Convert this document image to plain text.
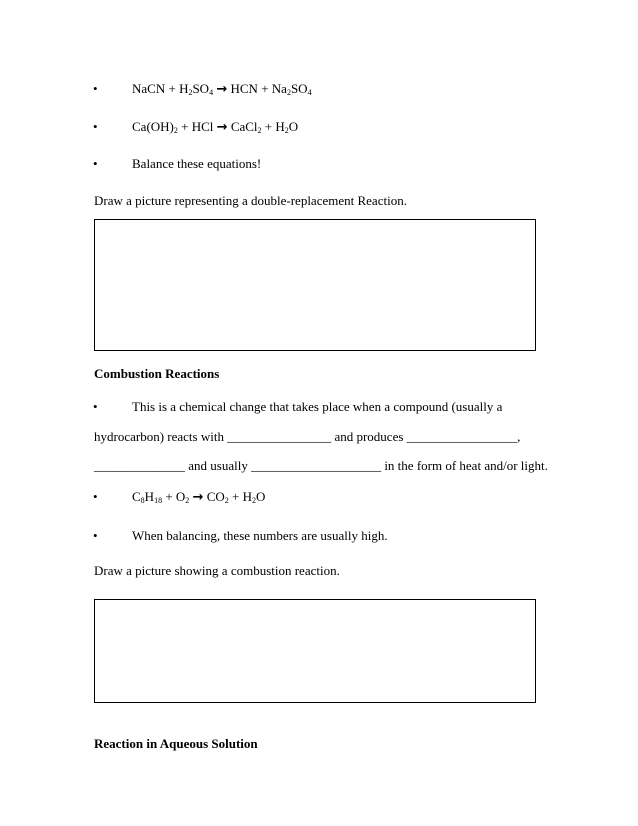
•	NaCN + $H_2SO_4$ → HCN + $Na_2SO_4$
•	$Ca(OH)_2$ + HCl → CaCl$_2$ + $H_2O$
•	Balance these equations!
Draw a picture representing a double-replacement Reaction.
Combustion Reactions
•	This is a chemical change that takes place when a compound (usually a
hydrocarbon) reacts with ________________ and produces _________________,
______________ and usually ____________________ in the form of heat and/or light.
•	$C_8H_{18} + O_2 \to CO_2 + H_2O$
•	When balancing, these numbers are usually high.
Draw a picture showing a combustion reaction.
Reaction in Aqueous Solution
